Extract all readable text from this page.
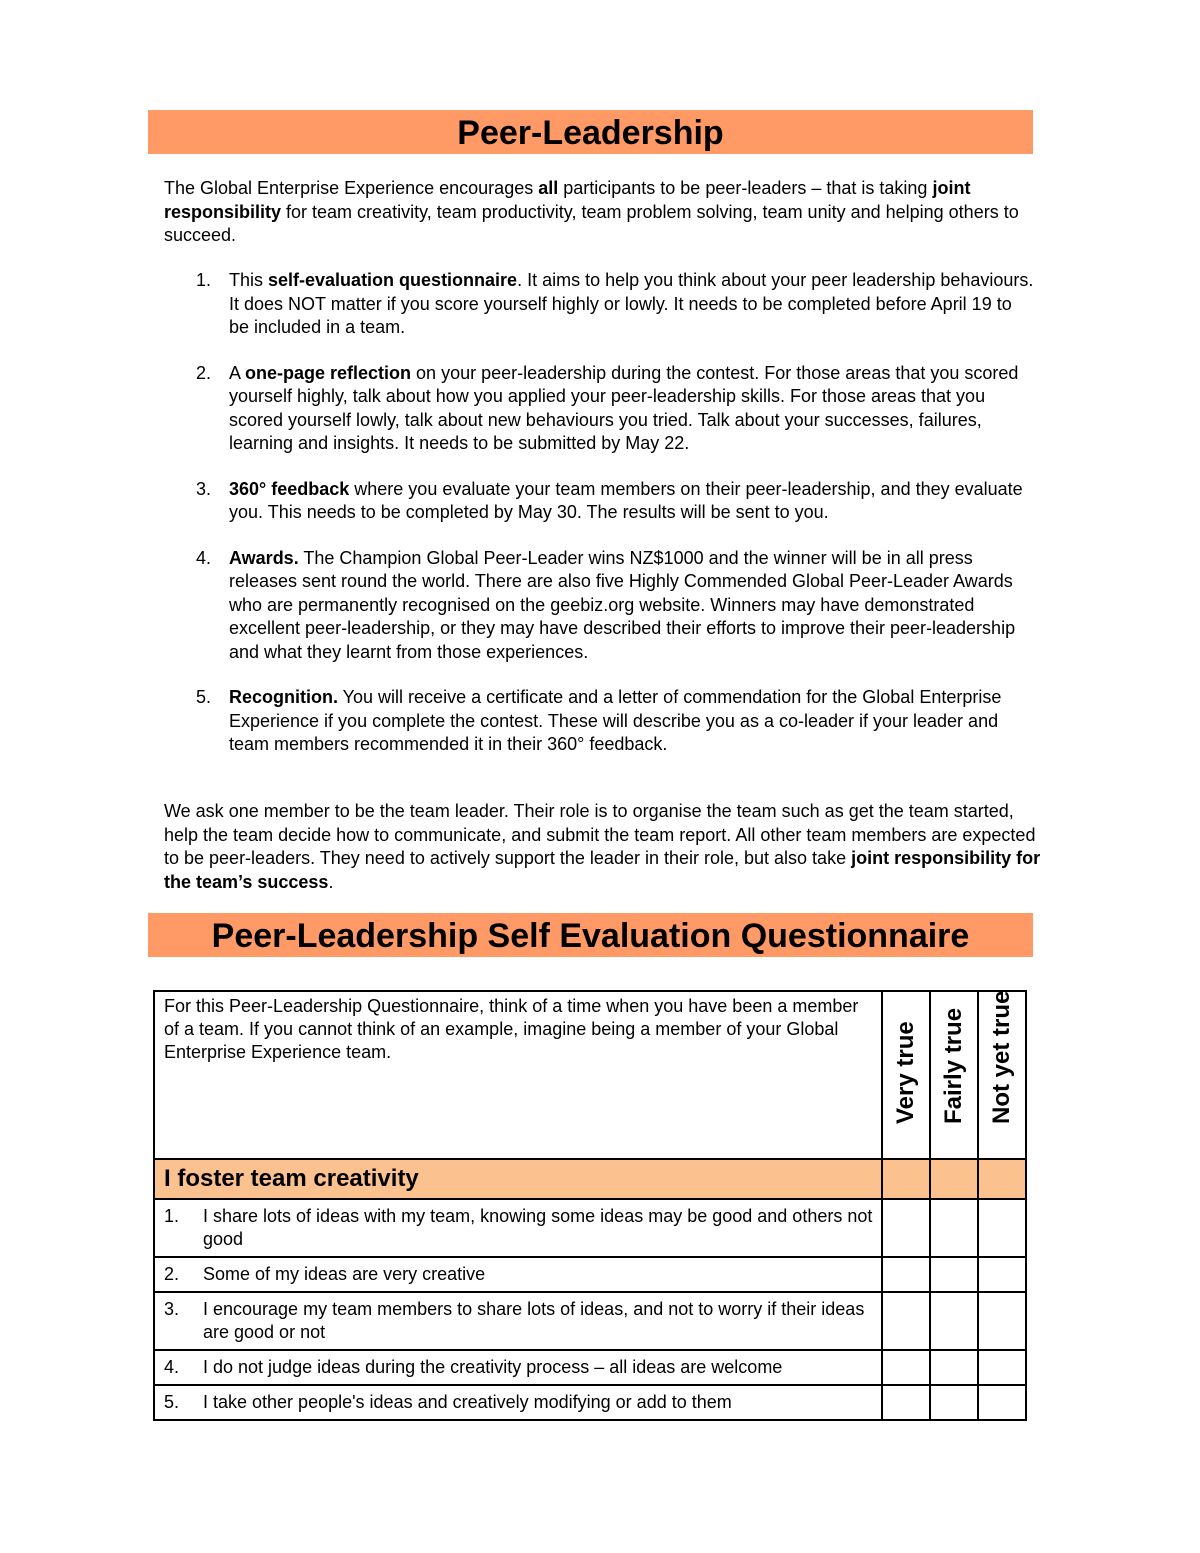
Peer-Leadership
The Global Enterprise Experience encourages all participants to be peer-leaders – that is taking joint responsibility for team creativity, team productivity, team problem solving, team unity and helping others to succeed.
1. This self-evaluation questionnaire. It aims to help you think about your peer leadership behaviours. It does NOT matter if you score yourself highly or lowly. It needs to be completed before April 19 to be included in a team.
2. A one-page reflection on your peer-leadership during the contest. For those areas that you scored yourself highly, talk about how you applied your peer-leadership skills. For those areas that you scored yourself lowly, talk about new behaviours you tried. Talk about your successes, failures, learning and insights. It needs to be submitted by May 22.
3. 360° feedback where you evaluate your team members on their peer-leadership, and they evaluate you. This needs to be completed by May 30. The results will be sent to you.
4. Awards. The Champion Global Peer-Leader wins NZ$1000 and the winner will be in all press releases sent round the world. There are also five Highly Commended Global Peer-Leader Awards who are permanently recognised on the geebiz.org website. Winners may have demonstrated excellent peer-leadership, or they may have described their efforts to improve their peer-leadership and what they learnt from those experiences.
5. Recognition. You will receive a certificate and a letter of commendation for the Global Enterprise Experience if you complete the contest. These will describe you as a co-leader if your leader and team members recommended it in their 360° feedback.
We ask one member to be the team leader. Their role is to organise the team such as get the team started, help the team decide how to communicate, and submit the team report. All other team members are expected to be peer-leaders. They need to actively support the leader in their role, but also take joint responsibility for the team’s success.
Peer-Leadership Self Evaluation Questionnaire
For this Peer-Leadership Questionnaire, think of a time when you have been a member of a team. If you cannot think of an example, imagine being a member of your Global Enterprise Experience team.	Very true	Fairly true	Not yet true

I foster team creativity			

1. I share lots of ideas with my team, knowing some ideas may be good and others not good			

2. Some of my ideas are very creative			

3. I encourage my team members to share lots of ideas, and not to worry if their ideas are good or not			

4. I do not judge ideas during the creativity process – all ideas are welcome			

5. I take other people's ideas and creatively modifying or add to them			
